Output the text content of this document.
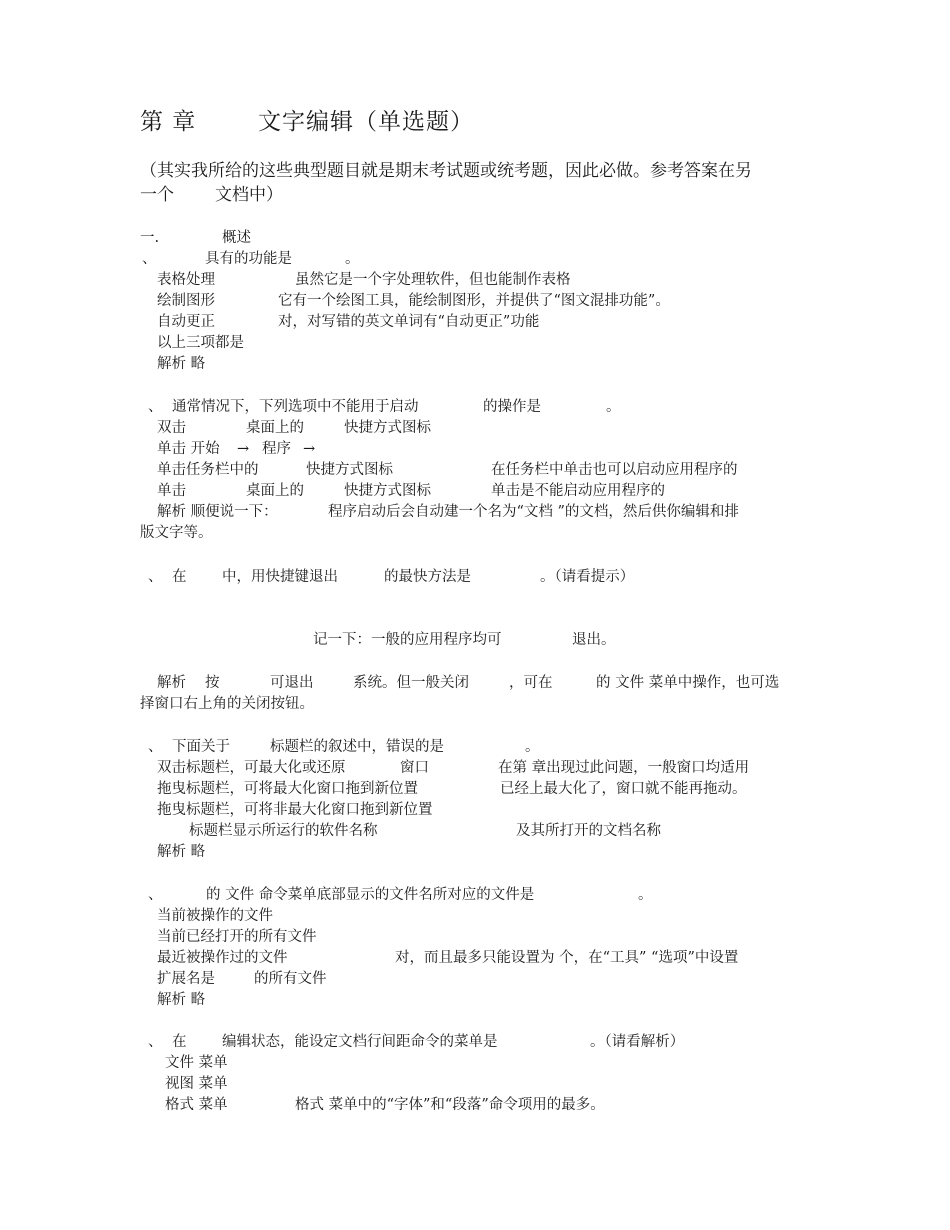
第 章	文字编辑（单选题）
（其实我所给的这些典型题目就是期末考试题或统考题，因此必做。参考答案在另
一个 文档中）
一.	概述
、	具有的功能是	。
表格处理	虽然它是一个字处理软件，但也能制作表格
绘制图形	它有一个绘图工具，能绘制图形，并提供了“图文混排功能”。
自动更正	对，对写错的英文单词有“自动更正”功能
以上三项都是
解析 略
、 通常情况下，下列选项中不能用于启动	的操作是	。
双击	桌面上的	快捷方式图标
单击 开始 → 程序 →
单击任务栏中的	快捷方式图标	在任务栏中单击也可以启动应用程序的
单击	桌面上的	快捷方式图标	单击是不能启动应用程序的
解析 顺便说一下：	程序启动后会自动建一个名为“文档 ”的文档，然后供你编辑和排
版文字等。
、 在 中，用快捷键退出	的最快方法是	。（请看提示）
记一下：一般的应用程序均可	退出。
解析 按	可退出	系统。但一般关闭	，可在	的 文件 菜单中操作，也可选
择窗口右上角的关闭按钮。
、 下面关于	标题栏的叙述中，错误的是	。
双击标题栏，可最大化或还原	窗口	在第 章出现过此问题，一般窗口均适用
拖曳标题栏，可将最大化窗口拖到新位置	已经上最大化了，窗口就不能再拖动。
拖曳标题栏，可将非最大化窗口拖到新位置
标题栏显示所运行的软件名称	及其所打开的文档名称
解析 略
、	的 文件 命令菜单底部显示的文件名所对应的文件是	。
当前被操作的文件
当前已经打开的所有文件
最近被操作过的文件	对，而且最多只能设置为 个，在“工具” “选项”中设置
扩展名是	的所有文件
解析 略
、 在 编辑状态，能设定文档行间距命令的菜单是	。（请看解析）
文件 菜单
视图 菜单
格式 菜单	格式 菜单中的“字体”和“段落”命令项用的最多。
